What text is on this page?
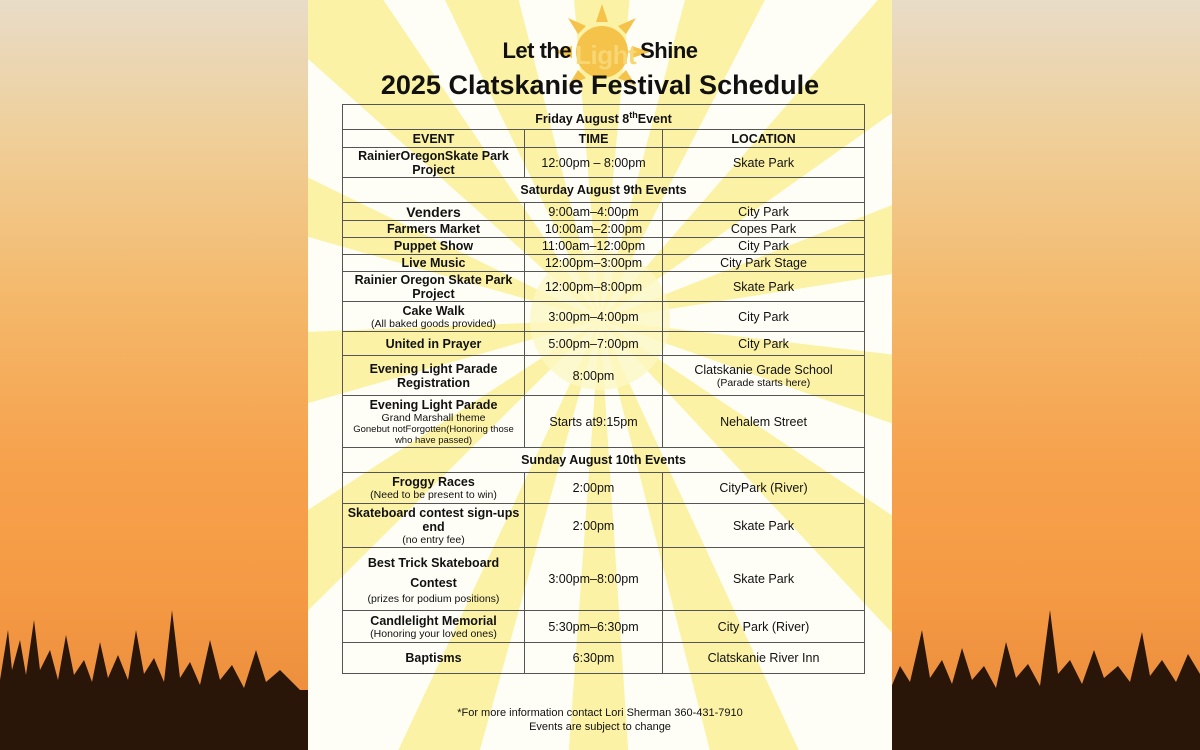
Let the Light Shine
2025 Clatskanie Festival Schedule
Friday August 8thEvent		
EVENT	TIME	LOCATION
RainierOregonSkate Park Project	12:00pm – 8:00pm	Skate Park
Saturday August 9th Events		
Venders	9:00am–4:00pm	City Park
Farmers Market	10:00am–2:00pm	Copes Park
Puppet Show	11:00am–12:00pm	City Park
Live Music	12:00pm–3:00pm	City Park Stage
Rainier Oregon Skate Park Project	12:00pm–8:00pm	Skate Park
Cake Walk
(All baked goods provided)	3:00pm–4:00pm	City Park
United in Prayer	5:00pm–7:00pm	City Park
Evening Light Parade Registration	8:00pm	Clatskanie Grade School
(Parade starts here)

Evening Light Parade
Grand Marshall theme
Gonebut notForgotten(Honoring those who have passed)	Starts at9:15pm	Nehalem Street
Sunday August 10th Events		
Froggy Races
(Need to be present to win)	2:00pm	CityPark (River)
Skateboard contest sign-ups end
(no entry fee)	2:00pm	Skate Park
Best Trick Skateboard Contest
(prizes for podium positions)	3:00pm–8:00pm	Skate Park
Candlelight Memorial
(Honoring your loved ones)	5:30pm–6:30pm	City Park (River)
Baptisms	6:30pm	Clatskanie River Inn
*For more information contact Lori Sherman 360-431-7910
Events are subject to change
